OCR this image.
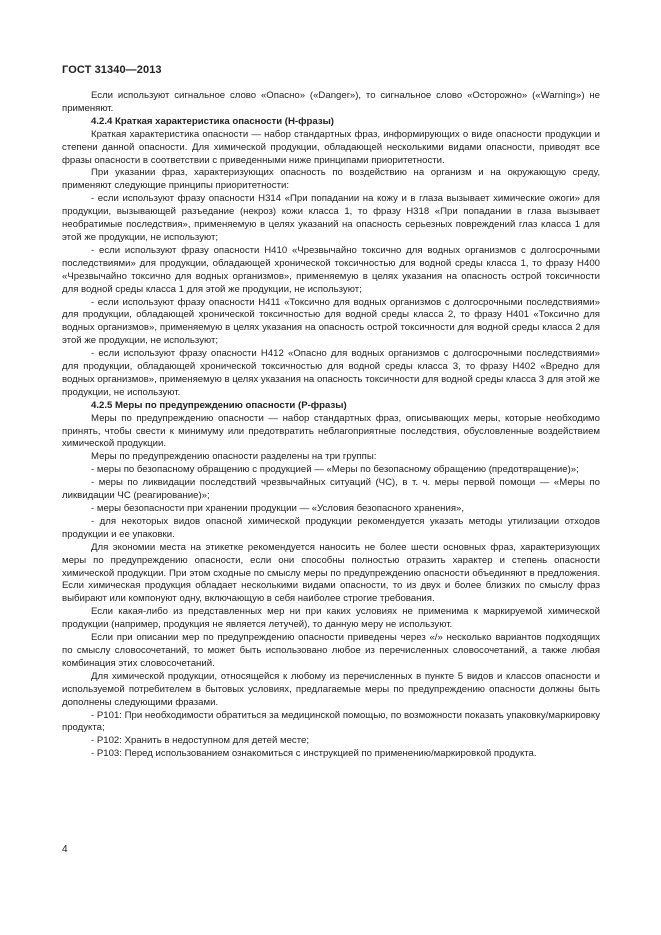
ГОСТ 31340—2013

Если используют сигнальное слово «Опасно» («Danger»), то сигнальное слово «Осторожно» («Warning») не применяют.

4.2.4 Краткая характеристика опасности (Н-фразы)

Краткая характеристика опасности — набор стандартных фраз, информирующих о виде опасности продукции и степени данной опасности. Для химической продукции, обладающей несколькими видами опасности, приводят все фразы опасности в соответствии с приведенными ниже принципами приоритетности.

При указании фраз, характеризующих опасность по воздействию на организм и на окружающую среду, применяют следующие принципы приоритетности:

- если используют фразу опасности Н314 «При попадании на кожу и в глаза вызывает химические ожоги» для продукции, вызывающей разъедание (некроз) кожи класса 1, то фразу Н318 «При попадании в глаза вызывает необратимые последствия», применяемую в целях указаний на опасность серьезных повреждений глаз класса 1 для этой же продукции, не используют;

- если используют фразу опасности Н410 «Чрезвычайно токсично для водных организмов с долгосрочными последствиями» для продукции, обладающей хронической токсичностью для водной среды класса 1, то фразу Н400 «Чрезвычайно токсично для водных организмов», применяемую в целях указания на опасность острой токсичности для водной среды класса 1 для этой же продукции, не используют;

- если используют фразу опасности Н411 «Токсично для водных организмов с долгосрочными последствиями» для продукции, обладающей хронической токсичностью для водной среды класса 2, то фразу Н401 «Токсично для водных организмов», применяемую в целях указания на опасность острой токсичности для водной среды класса 2 для этой же продукции, не используют;

- если используют фразу опасности Н412 «Опасно для водных организмов с долгосрочными последствиями» для продукции, обладающей хронической токсичностью для водной среды класса 3, то фразу Н402 «Вредно для водных организмов», применяемую в целях указания на опасность токсичности для водной среды класса 3 для этой же продукции, не используют.

4.2.5 Меры по предупреждению опасности (Р-фразы)

Меры по предупреждению опасности — набор стандартных фраз, описывающих меры, которые необходимо принять, чтобы свести к минимуму или предотвратить неблагоприятные последствия, обусловленные воздействием химической продукции.

Меры по предупреждению опасности разделены на три группы:

- меры по безопасному обращению с продукцией — «Меры по безопасному обращению (предотвращение)»;

- меры по ликвидации последствий чрезвычайных ситуаций (ЧС), в т. ч. меры первой помощи — «Меры по ликвидации ЧС (реагирование)»;

- меры безопасности при хранении продукции — «Условия безопасного хранения»,

- для некоторых видов опасной химической продукции рекомендуется указать методы утилизации отходов продукции и ее упаковки.

Для экономии места на этикетке рекомендуется наносить не более шести основных фраз, характеризующих меры по предупреждению опасности, если они способны полностью отразить характер и степень опасности химической продукции. При этом сходные по смыслу меры по предупреждению опасности объединяют в предложения. Если химическая продукция обладает несколькими видами опасности, то из двух и более близких по смыслу фраз выбирают или компонуют одну, включающую в себя наиболее строгие требования.

Если какая-либо из представленных мер ни при каких условиях не применима к маркируемой химической продукции (например, продукция не является летучей), то данную меру не используют.

Если при описании мер по предупреждению опасности приведены через «/» несколько вариантов подходящих по смыслу словосочетаний, то может быть использовано любое из перечисленных словосочетаний, а также любая комбинация этих словосочетаний.

Для химической продукции, относящейся к любому из перечисленных в пункте 5 видов и классов опасности и используемой потребителем в бытовых условиях, предлагаемые меры по предупреждению опасности должны быть дополнены следующими фразами.

- Р101: При необходимости обратиться за медицинской помощью, по возможности показать упаковку/маркировку продукта;

- Р102: Хранить в недоступном для детей месте;

- Р103: Перед использованием ознакомиться с инструкцией по применению/маркировкой продукта.

4
